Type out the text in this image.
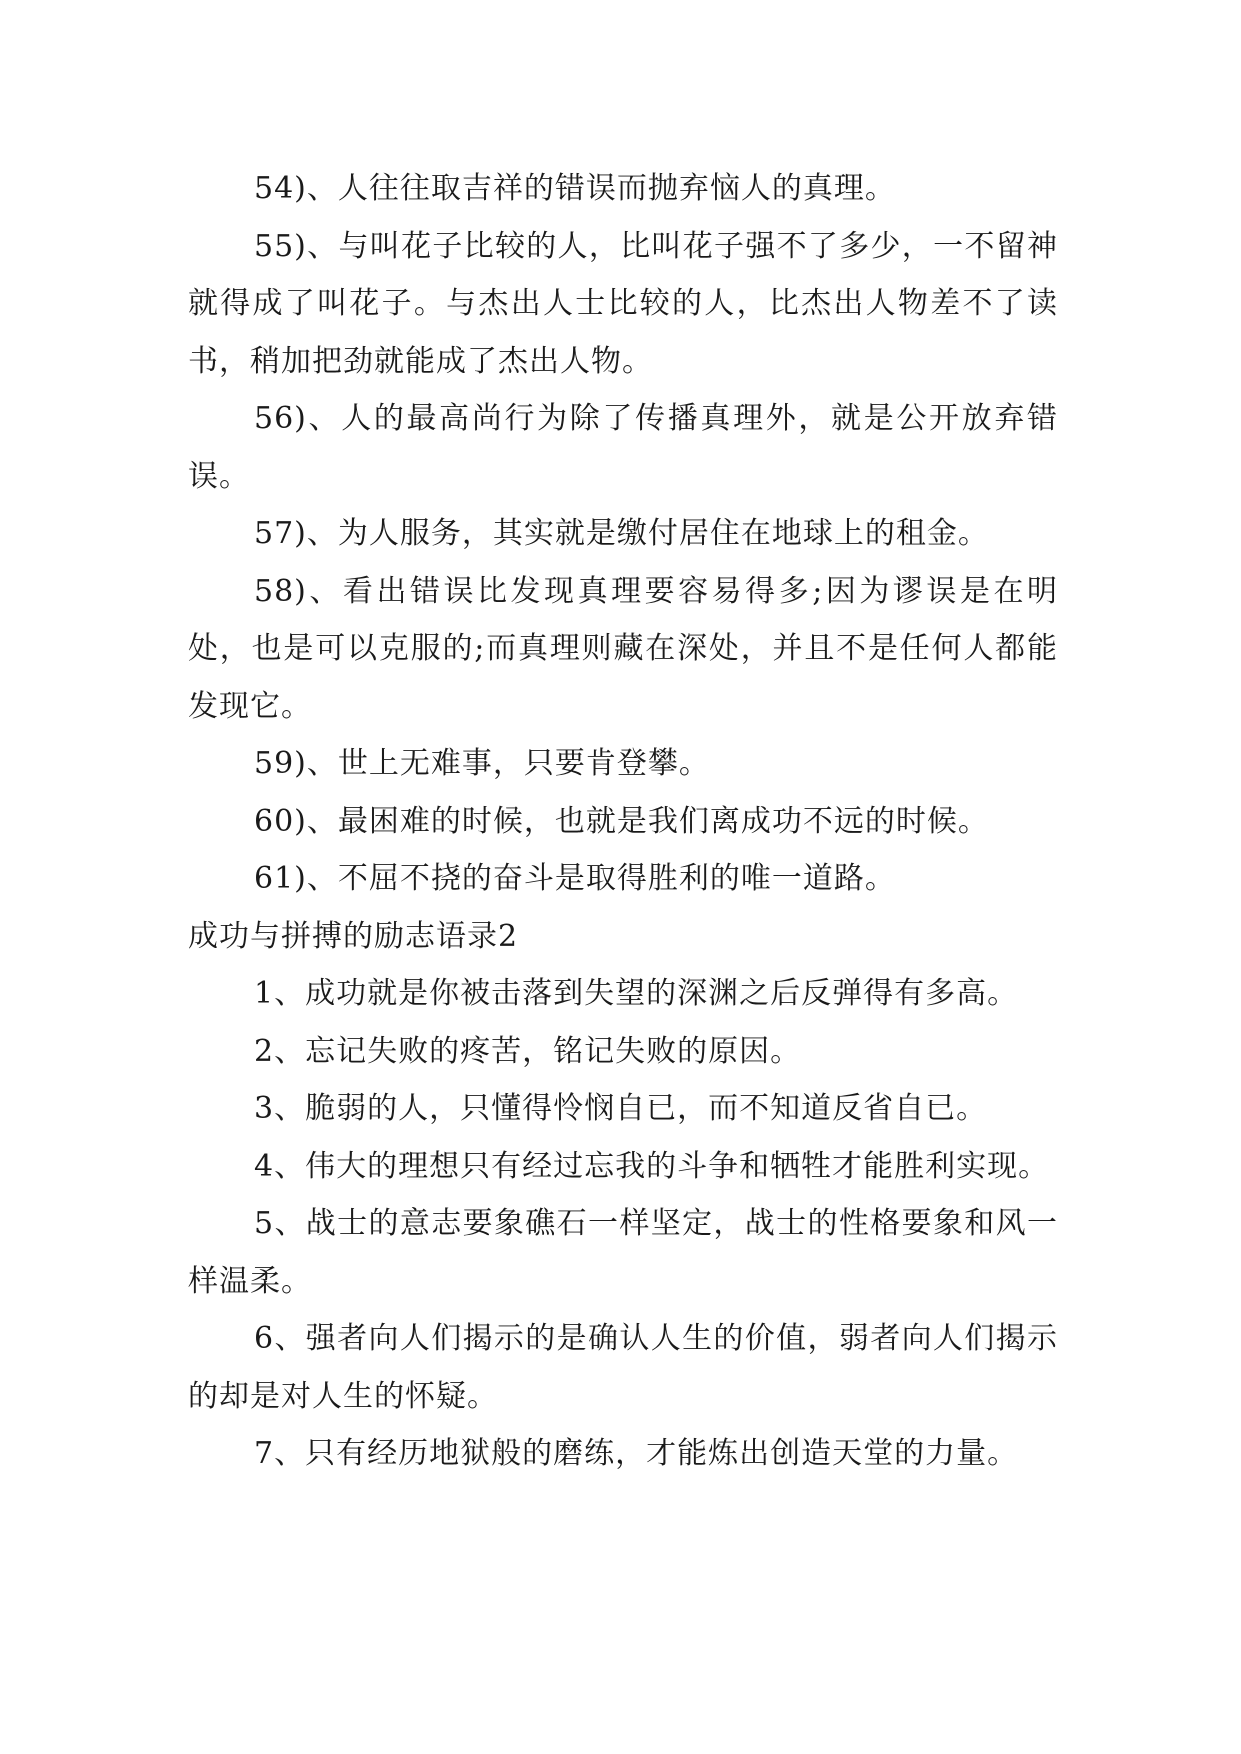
54)、人往往取吉祥的错误而抛弃恼人的真理。

55)、与叫花子比较的人，比叫花子强不了多少，一不留神就得成了叫花子。与杰出人士比较的人，比杰出人物差不了读书，稍加把劲就能成了杰出人物。

56)、人的最高尚行为除了传播真理外，就是公开放弃错误。

57)、为人服务，其实就是缴付居住在地球上的租金。

58)、看出错误比发现真理要容易得多;因为谬误是在明处，也是可以克服的;而真理则藏在深处，并且不是任何人都能发现它。

59)、世上无难事，只要肯登攀。

60)、最困难的时候，也就是我们离成功不远的时候。

61)、不屈不挠的奋斗是取得胜利的唯一道路。

成功与拼搏的励志语录2

1、成功就是你被击落到失望的深渊之后反弹得有多高。

2、忘记失败的疼苦，铭记失败的原因。

3、脆弱的人，只懂得怜悯自已，而不知道反省自已。

4、伟大的理想只有经过忘我的斗争和牺牲才能胜利实现。

5、战士的意志要象礁石一样坚定，战士的性格要象和风一样温柔。

6、强者向人们揭示的是确认人生的价值，弱者向人们揭示的却是对人生的怀疑。

7、只有经历地狱般的磨练，才能炼出创造天堂的力量。
